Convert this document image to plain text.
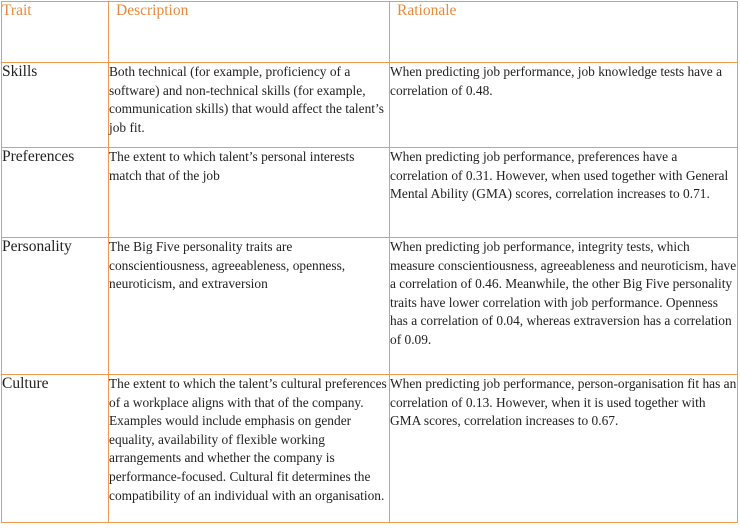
Trait	Description	Rationale
Skills	Both technical (for example, proficiency of a software) and non-technical skills (for example, communication skills) that would affect the talent’s job fit.	When predicting job performance, job knowledge tests have a correlation of 0.48.
Preferences	The extent to which talent’s personal interests match that of the job	When predicting job performance, preferences have a correlation of 0.31. However, when used together with General Mental Ability (GMA) scores, correlation increases to 0.71.
Personality	The Big Five personality traits are conscientiousness, agreeableness, openness, neuroticism, and extraversion	When predicting job performance, integrity tests, which measure conscientiousness, agreeableness and neuroticism, have a correlation of 0.46. Meanwhile, the other Big Five personality traits have lower correlation with job performance. Openness has a correlation of 0.04, whereas extraversion has a correlation of 0.09.
Culture	The extent to which the talent’s cultural preferences of a workplace aligns with that of the company. Examples would include emphasis on gender equality, availability of flexible working arrangements and whether the company is performance-focused. Cultural fit determines the compatibility of an individual with an organisation.	When predicting job performance, person-organisation fit has an correlation of 0.13. However, when it is used together with GMA scores, correlation increases to 0.67.
